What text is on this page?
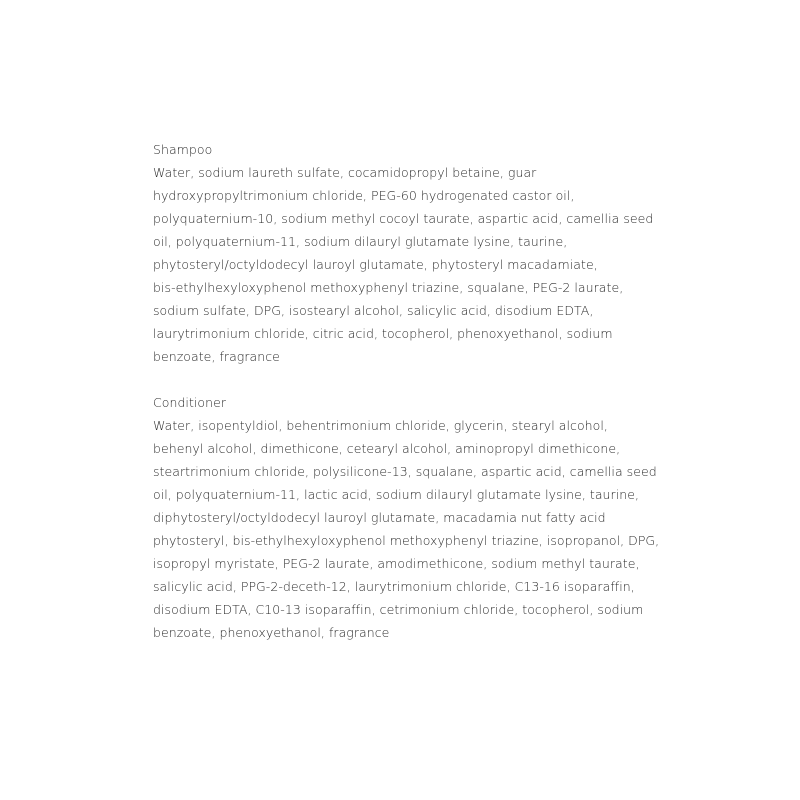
Shampoo
Water, sodium laureth sulfate, cocamidopropyl betaine, guar
hydroxypropyltrimonium chloride, PEG-60 hydrogenated castor oil,
polyquaternium-10, sodium methyl cocoyl taurate, aspartic acid, camellia seed
oil, polyquaternium-11, sodium dilauryl glutamate lysine, taurine,
phytosteryl/octyldodecyl lauroyl glutamate, phytosteryl macadamiate,
bis-ethylhexyloxyphenol methoxyphenyl triazine, squalane, PEG-2 laurate,
sodium sulfate, DPG, isostearyl alcohol, salicylic acid, disodium EDTA,
laurytrimonium chloride, citric acid, tocopherol, phenoxyethanol, sodium
benzoate, fragrance
Conditioner
Water, isopentyldiol, behentrimonium chloride, glycerin, stearyl alcohol,
behenyl alcohol, dimethicone, cetearyl alcohol, aminopropyl dimethicone,
steartrimonium chloride, polysilicone-13, squalane, aspartic acid, camellia seed
oil, polyquaternium-11, lactic acid, sodium dilauryl glutamate lysine, taurine,
diphytosteryl/octyldodecyl lauroyl glutamate, macadamia nut fatty acid
phytosteryl, bis-ethylhexyloxyphenol methoxyphenyl triazine, isopropanol, DPG,
isopropyl myristate, PEG-2 laurate, amodimethicone, sodium methyl taurate,
salicylic acid, PPG-2-deceth-12, laurytrimonium chloride, C13-16 isoparaffin,
disodium EDTA, C10-13 isoparaffin, cetrimonium chloride, tocopherol, sodium
benzoate, phenoxyethanol, fragrance
